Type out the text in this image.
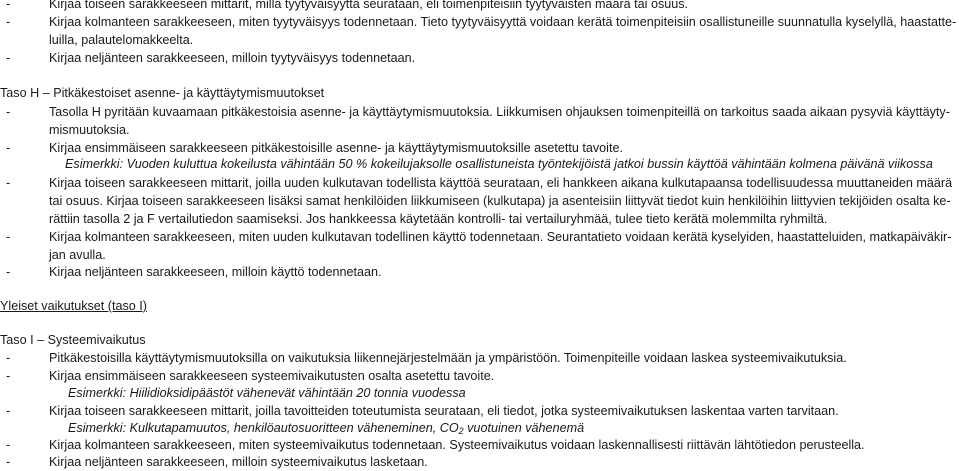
-	Kirjaa toiseen sarakkeeseen mittarit, millä tyytyväisyyttä seurataan, eli toimenpiteisiin tyytyväisten määrä tai osuus.
-	Kirjaa kolmanteen sarakkeeseen, miten tyytyväisyys todennetaan. Tieto tyytyväisyyttä voidaan kerätä toimenpiteisiin osallistuneille suunnatulla kyselyllä, haastatte-
luilla, palautelomakkeelta.
-	Kirjaa neljänteen sarakkeeseen, milloin tyytyväisyys todennetaan.
Taso H – Pitkäkestoiset asenne- ja käyttäytymismuutokset
-	Tasolla H pyritään kuvaamaan pitkäkestoisia asenne- ja käyttäytymismuutoksia. Liikkumisen ohjauksen toimenpiteillä on tarkoitus saada aikaan pysyviä käyttäyty-
mismuutoksia.
-	Kirjaa ensimmäiseen sarakkeeseen pitkäkestoisille asenne- ja käyttäytymismuutoksille asetettu tavoite.
Esimerkki: Vuoden kuluttua kokeilusta vähintään 50 % kokeilujaksolle osallistuneista työntekijöistä jatkoi bussin käyttöä vähintään kolmena päivänä viikossa
-	Kirjaa toiseen sarakkeeseen mittarit, joilla uuden kulkutavan todellista käyttöä seurataan, eli hankkeen aikana kulkutapaansa todellisuudessa muuttaneiden määrä
tai osuus. Kirjaa toiseen sarakkeeseen lisäksi samat henkilöiden liikkumiseen (kulkutapa) ja asenteisiin liittyvät tiedot kuin henkilöihin liittyvien tekijöiden osalta ke-
rättiin tasolla 2 ja F vertailutiedon saamiseksi. Jos hankkeessa käytetään kontrolli- tai vertailuryhmää, tulee tieto kerätä molemmilta ryhmiltä.
-	Kirjaa kolmanteen sarakkeeseen, miten uuden kulkutavan todellinen käyttö todennetaan. Seurantatieto voidaan kerätä kyselyiden, haastatteluiden, matkapäiväkir-
jan avulla.
-	Kirjaa neljänteen sarakkeeseen, milloin käyttö todennetaan.
Yleiset vaikutukset (taso I)
Taso I – Systeemivaikutus
-	Pitkäkestoisilla käyttäytymismuutoksilla on vaikutuksia liikennejärjestelmään ja ympäristöön. Toimenpiteille voidaan laskea systeemivaikutuksia.
-	Kirjaa ensimmäiseen sarakkeeseen systeemivaikutusten osalta asetettu tavoite.
Esimerkki: Hiilidioksidipäästöt vähenevät vähintään 20 tonnia vuodessa
-	Kirjaa toiseen sarakkeeseen mittarit, joilla tavoitteiden toteutumista seurataan, eli tiedot, jotka systeemivaikutuksen laskentaa varten tarvitaan.
Esimerkki: Kulkutapamuutos, henkilöautosuoritteen väheneminen, $CO_2$ vuotuinen vähenemä
-	Kirjaa kolmanteen sarakkeeseen, miten systeemivaikutus todennetaan. Systeemivaikutus voidaan laskennallisesti riittävän lähtötiedon perusteella.
-	Kirjaa neljänteen sarakkeeseen, milloin systeemivaikutus lasketaan.
